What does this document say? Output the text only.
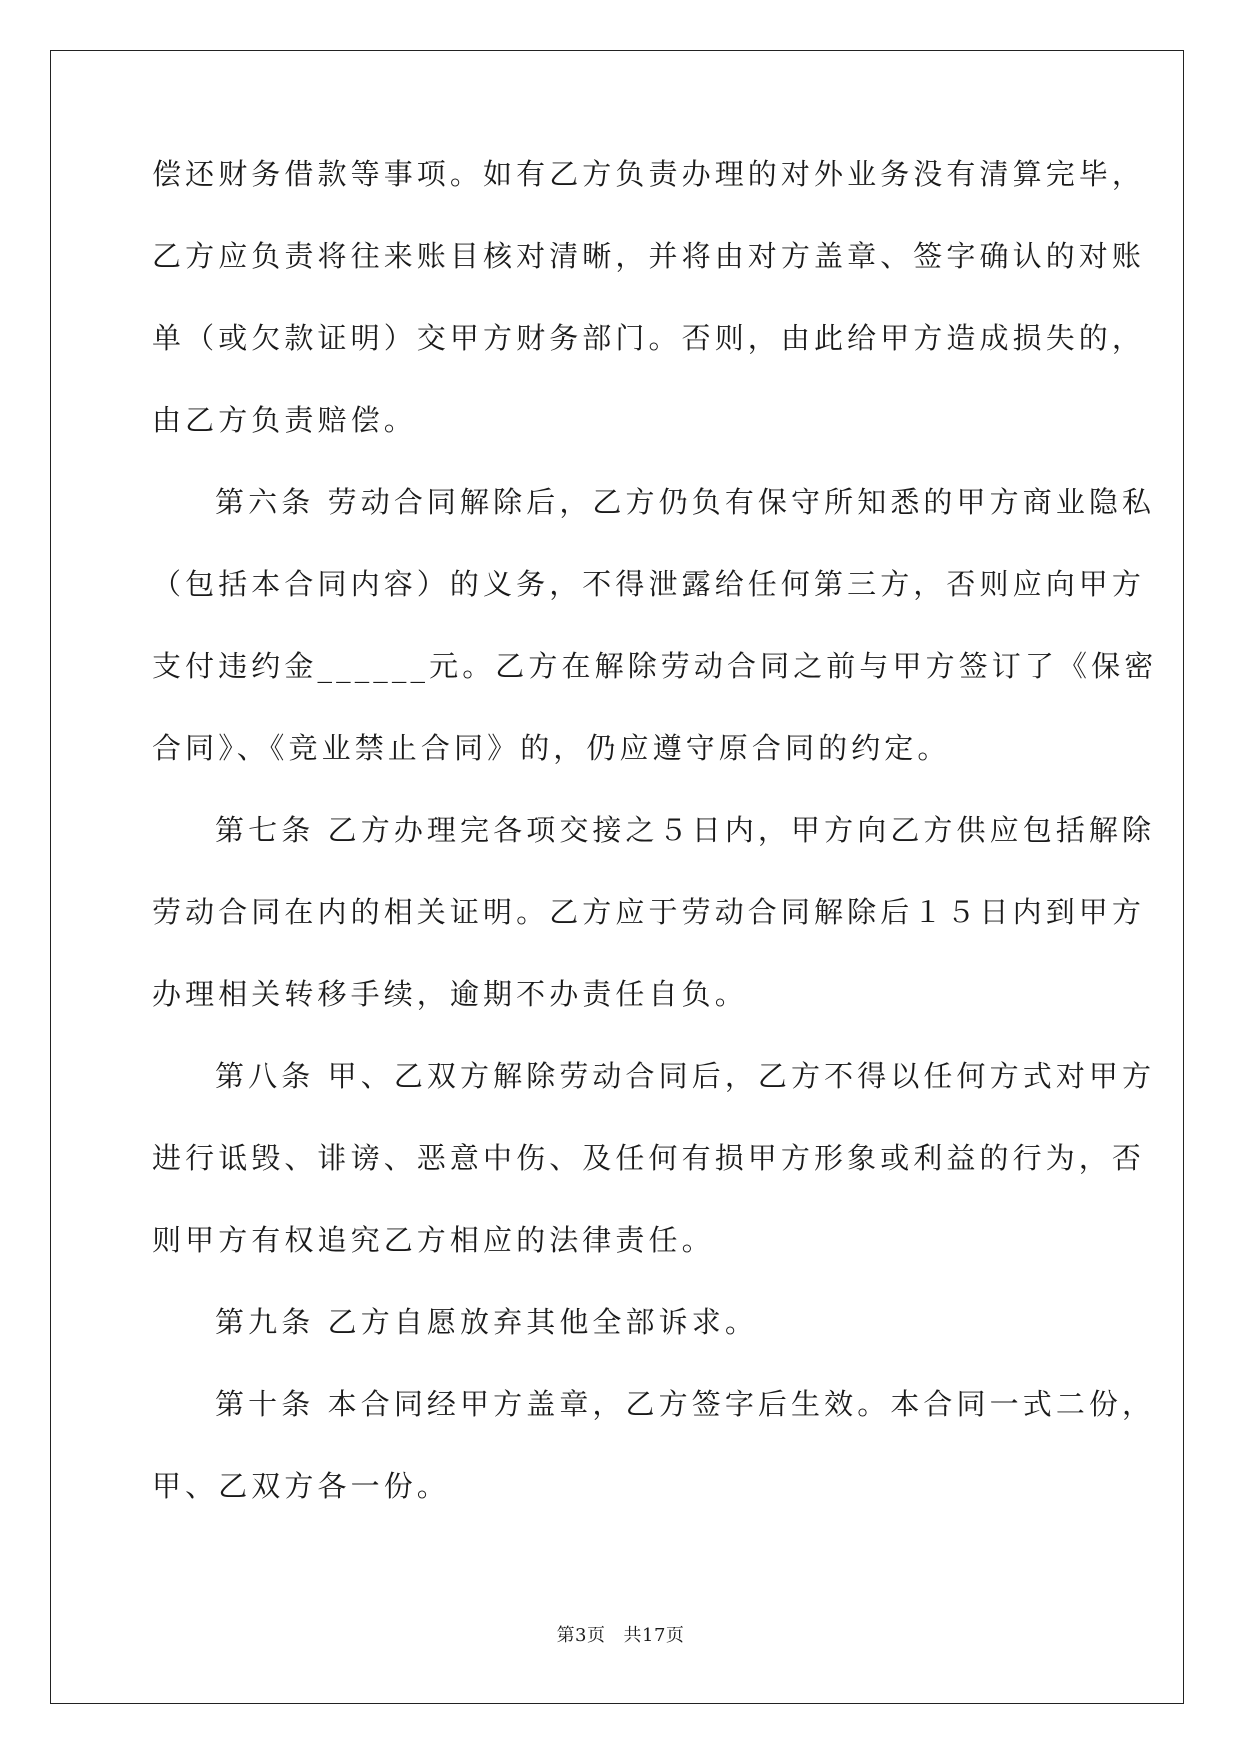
偿还财务借款等事项。如有乙方负责办理的对外业务没有清算完毕，
乙方应负责将往来账目核对清晰，并将由对方盖章、签字确认的对账
单（或欠款证明）交甲方财务部门。否则，由此给甲方造成损失的，
由乙方负责赔偿。
第六条 劳动合同解除后，乙方仍负有保守所知悉的甲方商业隐私
（包括本合同内容）的义务，不得泄露给任何第三方，否则应向甲方
支付违约金______元。乙方在解除劳动合同之前与甲方签订了《保密
合同》、《竞业禁止合同》的，仍应遵守原合同的约定。
第七条 乙方办理完各项交接之５日内，甲方向乙方供应包括解除
劳动合同在内的相关证明。乙方应于劳动合同解除后１５日内到甲方
办理相关转移手续，逾期不办责任自负。
第八条 甲、乙双方解除劳动合同后，乙方不得以任何方式对甲方
进行诋毁、诽谤、恶意中伤、及任何有损甲方形象或利益的行为，否
则甲方有权追究乙方相应的法律责任。
第九条 乙方自愿放弃其他全部诉求。
第十条 本合同经甲方盖章，乙方签字后生效。本合同一式二份，
甲、乙双方各一份。
第3页 共17页
